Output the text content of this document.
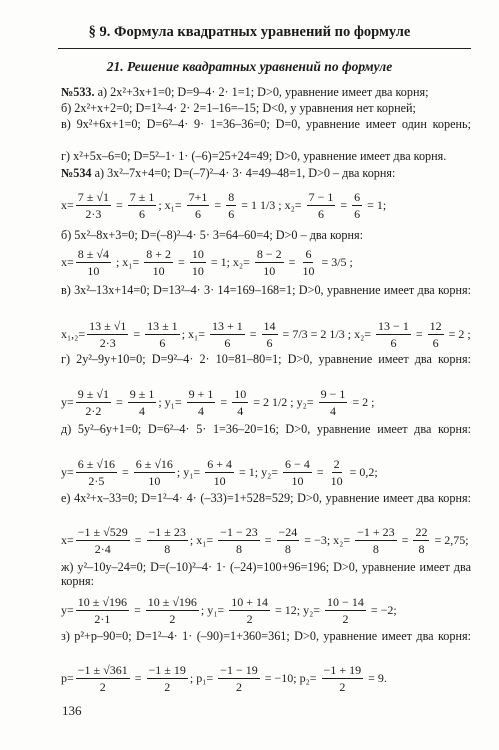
§ 9. Формула квадратных уравнений по формуле
21. Решение квадратных уравнений по формуле
№533. а) 2x²+3x+1=0; D=9–4· 2· 1=1; D>0, уравнение имеет два корня;
б) 2x²+x+2=0; D=1²–4· 2· 2=1–16=–15; D<0, у уравнения нет корней;
в) 9x²+6x+1=0; D=6²–4· 9· 1=36–36=0; D=0, уравнение имеет один корень;
г) x²+5x–6=0; D=5²–1· 1· (–6)=25+24=49; D>0, уравнение имеет два корня.
№534 а) 3x²–7x+4=0; D=(–7)²–4· 3· 4=49–48=1, D>0 – два корня:
$x= \frac{7 \pm √1}{2\cdot 3} = \frac{7 \pm 1}{6}$ ; $x_1= \frac{7+1}{6} = \frac{8}{6} = 1$ 1/3 ; $x_2= \frac{7 - 1}{6} = \frac{6}{6} = 1$;
б) 5x²–8x+3=0; D=(–8)²–4· 5· 3=64–60=4; D>0 – два корня:
$x= \frac{8 \pm √4}{10}$ ; $x_1= \frac{8 + 2}{10} = \frac{10}{10} = 1$; $x_2= \frac{8 - 2}{10} = \frac{6}{10} = 3/5$ ;
в) 3x²–13x+14=0; D=13²–4· 3· 14=169–168=1; D>0, уравнение имеет два корня:
$x_1,_2= \frac{13 \pm √1}{2\cdot 3} = \frac{13 \pm 1}{6}$ ; $x_1= \frac{13 + 1}{6} = \frac{14}{6} = 7/3 = 2$ 1/3 ; $x_2= \frac{13 - 1}{6} = \frac{12}{6} = 2$ ;
г) 2y²–9y+10=0; D=9²–4· 2· 10=81–80=1; D>0, уравнение имеет два корня:
$y= \frac{9 \pm √1}{2\cdot 2} = \frac{9 \pm 1}{4}$ ; $y_1= \frac{9 + 1}{4} = \frac{10}{4} = 2$ 1/2 ; $y_2= \frac{9 - 1}{4} = 2$ ;
д) 5y²–6y+1=0; D=6²–4· 5· 1=36–20=16; D>0, уравнение имеет два корня:
$y= \frac{6 \pm √16}{2\cdot 5} = \frac{6 \pm √16}{10}$ ; $y_1= \frac{6 + 4}{10} = 1$; $y_2= \frac{6 - 4}{10} = \frac{2}{10} = 0,2$;
е) 4x²+x–33=0; D=1²–4· 4· (–33)=1+528=529; D>0, уравнение имеет два корня:
$x= \frac{-1 \pm √529}{2\cdot 4} = \frac{-1 \pm 23}{8}$ ; $x_1= \frac{-1 - 23}{8} = \frac{-24}{8} = -3$; $x_2= \frac{-1 + 23}{8} = \frac{22}{8} = 2,75$;
ж) y²–10y–24=0; D=(–10)²–4· 1· (–24)=100+96=196; D>0, уравнение имеет два корня:
$y= \frac{10 \pm √196}{2\cdot 1} = \frac{10 \pm √196}{2}$ ; $y_1= \frac{10 + 14}{2} = 12$; $y_2= \frac{10 - 14}{2} = -2$;
з) p²+p–90=0; D=1²–4· 1· (–90)=1+360=361; D>0, уравнение имеет два корня:
$p= \frac{-1 \pm √361}{2} = \frac{-1 \pm 19}{2}$ ; $p_1= \frac{-1 - 19}{2} = -10$; $p_2= \frac{-1 + 19}{2} = 9$.
136
